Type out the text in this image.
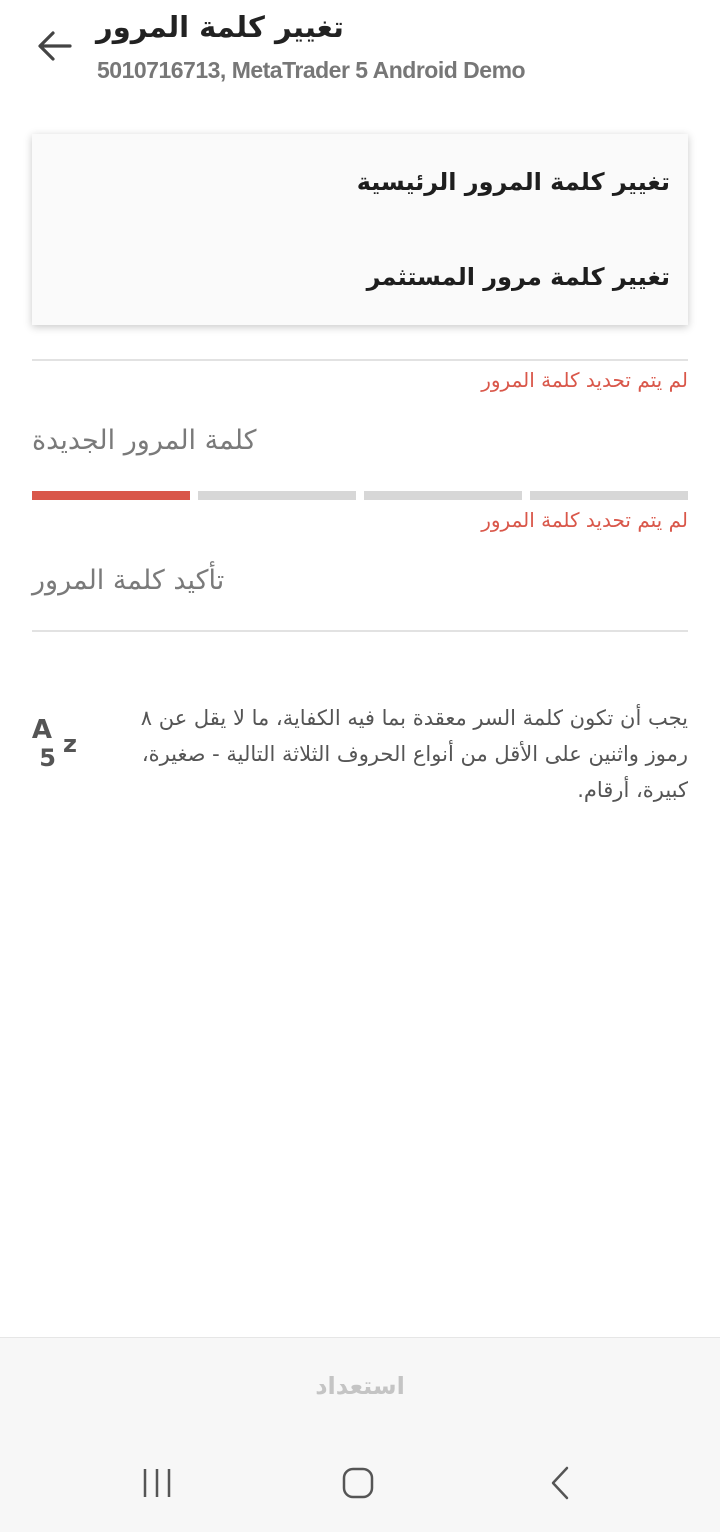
تغيير كلمة المرور
5010716713, MetaTrader 5 Android Demo
لم يتم تحديد كلمة المرور
كلمة المرور الجديدة
لم يتم تحديد كلمة المرور
تأكيد كلمة المرور
يجب أن تكون كلمة السر معقدة بما فيه الكفاية، ما لا يقل عن ٨ رموز واثنين على الأقل من أنواع الحروف الثلاثة التالية - صغيرة، كبيرة، أرقام.
A z
5
تغيير كلمة المرور الرئيسية
تغيير كلمة مرور المستثمر
استعداد
